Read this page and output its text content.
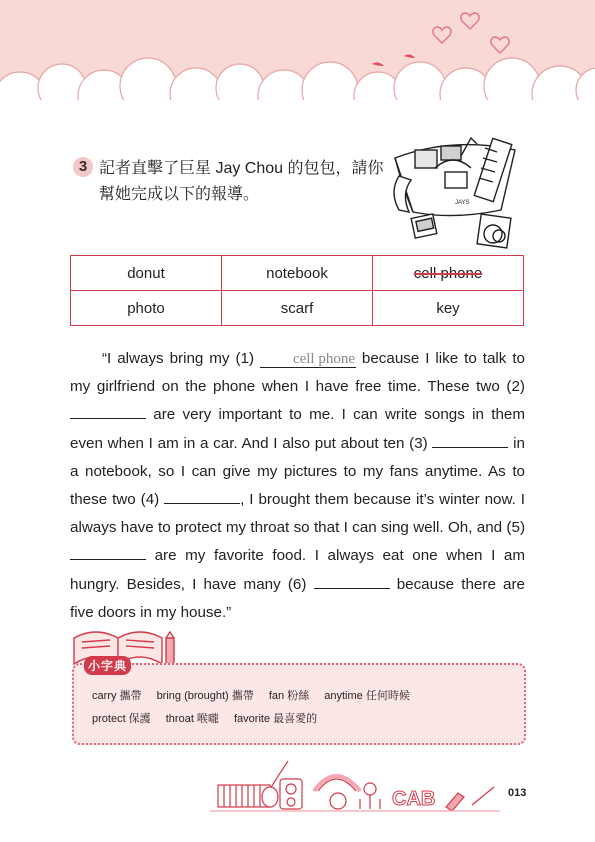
3 記者直擊了巨星 Jay Chou 的包包，請你
幫她完成以下的報導。	JAYS
donut	notebook	cell phone
photo	scarf	key

“I always bring my (1) cell phone because I like to talk to my girlfriend on the phone when I have free time. These two (2)  are very important to me. I can write songs in them even when I am in a car. And I also put about ten (3)	in a notebook, so I can give my pictures to my fans anytime. As to these two (4)	, I brought them because it’s winter now. I always have to protect my throat so that I can sing well. Oh, and (5)  are my favorite food. I always eat one when I am hungry. Besides, I have many (6)	because there are five doors in my house.”

carry 攜帶 bring (brought) 攜帶 fan 粉絲 anytime 任何時候
protect 保護 throat 喉嚨 favorite 最喜愛的
小字典
CAB	013
